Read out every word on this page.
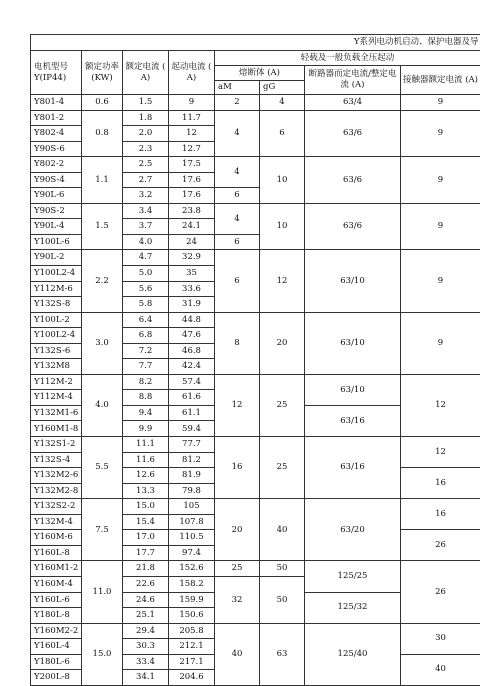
Y系列电动机启动、保护电器及导							
电机型号 Y(IP44)	额定功率 (KW)	额定电流 ( A)	起动电流 ( A)	轻载及一般负载全压起动			
				熔断体 (A)		断路器而定电流/整定电流 (A)	接触器额定电流 (A)
				aM	gG		
Y801-4	0.6	1.5	9	2	4	63/4	9
Y801-2	0.8	1.8	11.7	4	6	63/6	9
Y802-4		2.0	12				
Y90S-6		2.3	12.7				
Y802-2	1.1	2.5	17.5	4	10	63/6	9
Y90S-4		2.7	17.6				
Y90L-6		3.2	17.6	6			
Y90S-2	1.5	3.4	23.8	4	10	63/6	9
Y90L-4		3.7	24.1				
Y100L-6		4.0	24	6			
Y90L-2	2.2	4.7	32.9	6	12	63/10	9
Y100L2-4		5.0	35				
Y112M-6		5.6	33.6				
Y132S-8		5.8	31.9				
Y100L-2	3.0	6.4	44.8	8	20	63/10	9
Y100L2-4		6.8	47.6				
Y132S-6		7.2	46.8				
Y132M8		7.7	42.4				
Y112M-2	4.0	8.2	57.4	12	25	63/10	12
Y112M-4		8.8	61.6				
Y132M1-6		9.4	61.1			63/16	
Y160M1-8		9.9	59.4				
Y132S1-2	5.5	11.1	77.7	16	25	63/16	12
Y132S-4		11.6	81.2				
Y132M2-6		12.6	81.9				16
Y132M2-8		13.3	79.8				
Y132S2-2	7.5	15.0	105	20	40	63/20	16
Y132M-4		15.4	107.8				
Y160M-6		17.0	110.5				26
Y160L-8		17.7	97.4				
Y160M1-2	11.0	21.8	152.6	25	50	125/25	26
Y160M-4		22.6	158.2	32	50		
Y160L-6		24.6	159.9			125/32	
Y180L-8		25.1	150.6				
Y160M2-2	15.0	29.4	205.8	40	63	125/40	30
Y160L-4		30.3	212.1				
Y180L-6		33.4	217.1				40
Y200L-8		34.1	204.6				
